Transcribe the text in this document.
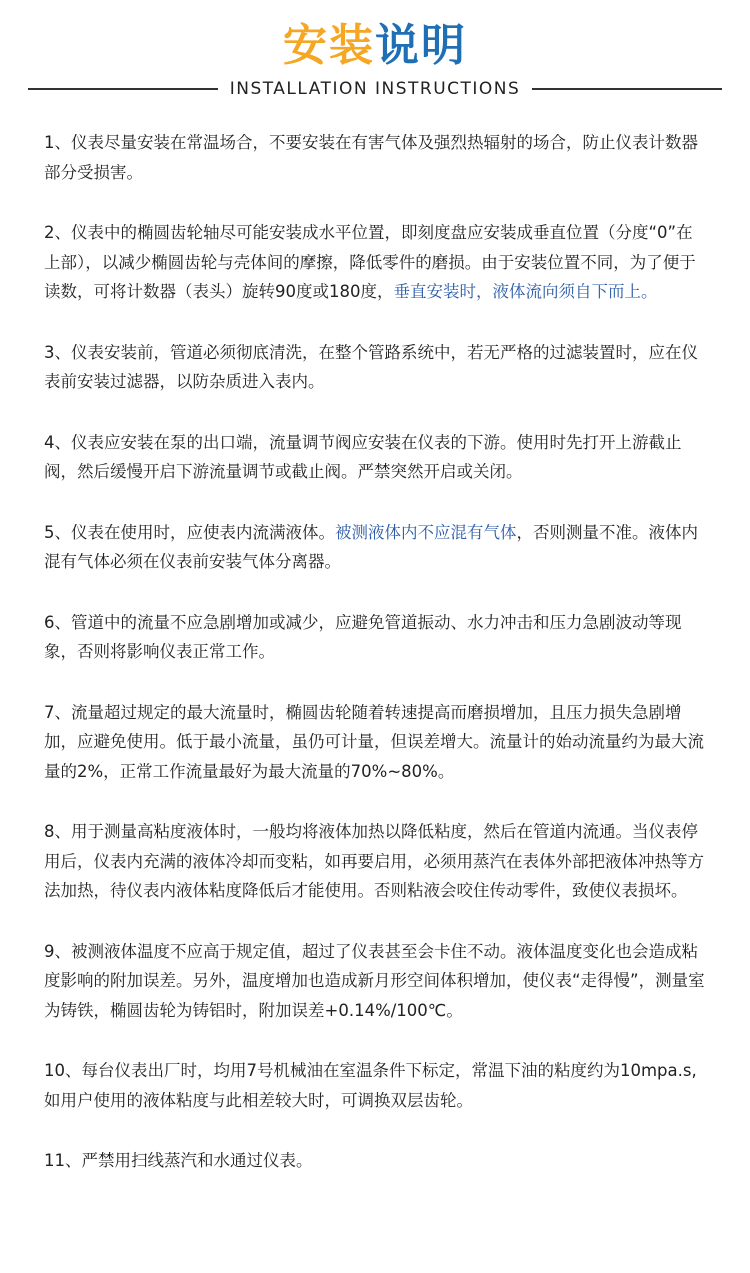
安装说明
INSTALLATION INSTRUCTIONS

1、仪表尽量安装在常温场合，不要安装在有害气体及强烈热辐射的场合，防止仪表计数器部分受损害。

2、仪表中的椭圆齿轮轴尽可能安装成水平位置，即刻度盘应安装成垂直位置（分度“0”在上部），以减少椭圆齿轮与壳体间的摩擦，降低零件的磨损。由于安装位置不同，为了便于读数，可将计数器（表头）旋转90度或180度，垂直安装时，液体流向须自下而上。

3、仪表安装前，管道必须彻底清洗，在整个管路系统中，若无严格的过滤装置时，应在仪表前安装过滤器，以防杂质进入表内。

4、仪表应安装在泵的出口端，流量调节阀应安装在仪表的下游。使用时先打开上游截止阀，然后缓慢开启下游流量调节或截止阀。严禁突然开启或关闭。

5、仪表在使用时，应使表内流满液体。被测液体内不应混有气体，否则测量不准。液体内混有气体必须在仪表前安装气体分离器。

6、管道中的流量不应急剧增加或减少，应避免管道振动、水力冲击和压力急剧波动等现象，否则将影响仪表正常工作。

7、流量超过规定的最大流量时，椭圆齿轮随着转速提高而磨损增加，且压力损失急剧增加，应避免使用。低于最小流量，虽仍可计量，但误差增大。流量计的始动流量约为最大流量的2%，正常工作流量最好为最大流量的70%~80%。

8、用于测量高粘度液体时，一般均将液体加热以降低粘度，然后在管道内流通。当仪表停用后，仪表内充满的液体冷却而变粘，如再要启用，必须用蒸汽在表体外部把液体冲热等方法加热，待仪表内液体粘度降低后才能使用。否则粘液会咬住传动零件，致使仪表损坏。

9、被测液体温度不应高于规定值，超过了仪表甚至会卡住不动。液体温度变化也会造成粘度影响的附加误差。另外，温度增加也造成新月形空间体积增加，使仪表“走得慢”，测量室为铸铁，椭圆齿轮为铸铝时，附加误差+0.14%/100℃。

10、每台仪表出厂时，均用7号机械油在室温条件下标定，常温下油的粘度约为10mpa.s,如用户使用的液体粘度与此相差较大时，可调换双层齿轮。

11、严禁用扫线蒸汽和水通过仪表。
